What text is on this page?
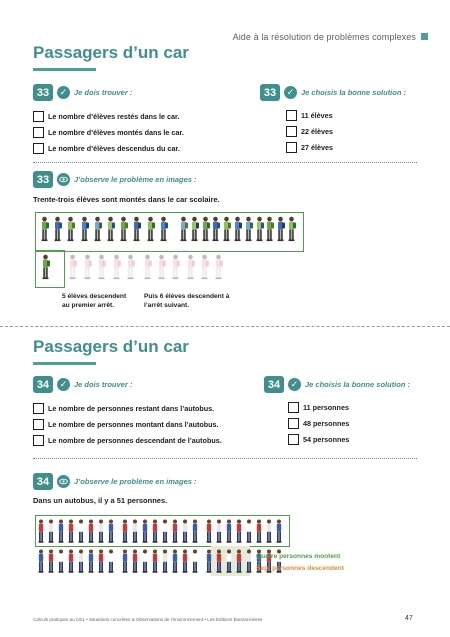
Aide à la résolution de problèmes complexes
Passagers d’un car
33	✓ Je dois trouver :
Le nombre d’élèves restés dans le car.
Le nombre d’élèves montés dans le car.
Le nombre d’élèves descendus du car.
33	✓ Je choisis la bonne solution :
11 élèves
22 élèves
27 élèves
33	J’observe le problème en images :
Trente-trois élèves sont montés dans le car scolaire.
5 élèves descendent au premier arrêt.
Puis 6 élèves descendent à l’arrêt suivant.
Passagers d’un car
34	✓ Je dois trouver :
Le nombre de personnes restant dans l’autobus.
Le nombre de personnes montant dans l’autobus.
Le nombre de personnes descendant de l’autobus.
34	✓ Je choisis la bonne solution :
11 personnes
48 personnes
54 personnes
34	J’observe le problème en images :
Dans un autobus, il y a 51 personnes.
Quatre personnes montent
Sept personnes descendent
Calculs pratiques au CE1 • Situations concrètes & Observations de l’environnement • Les Éditions Buissonnières	47
